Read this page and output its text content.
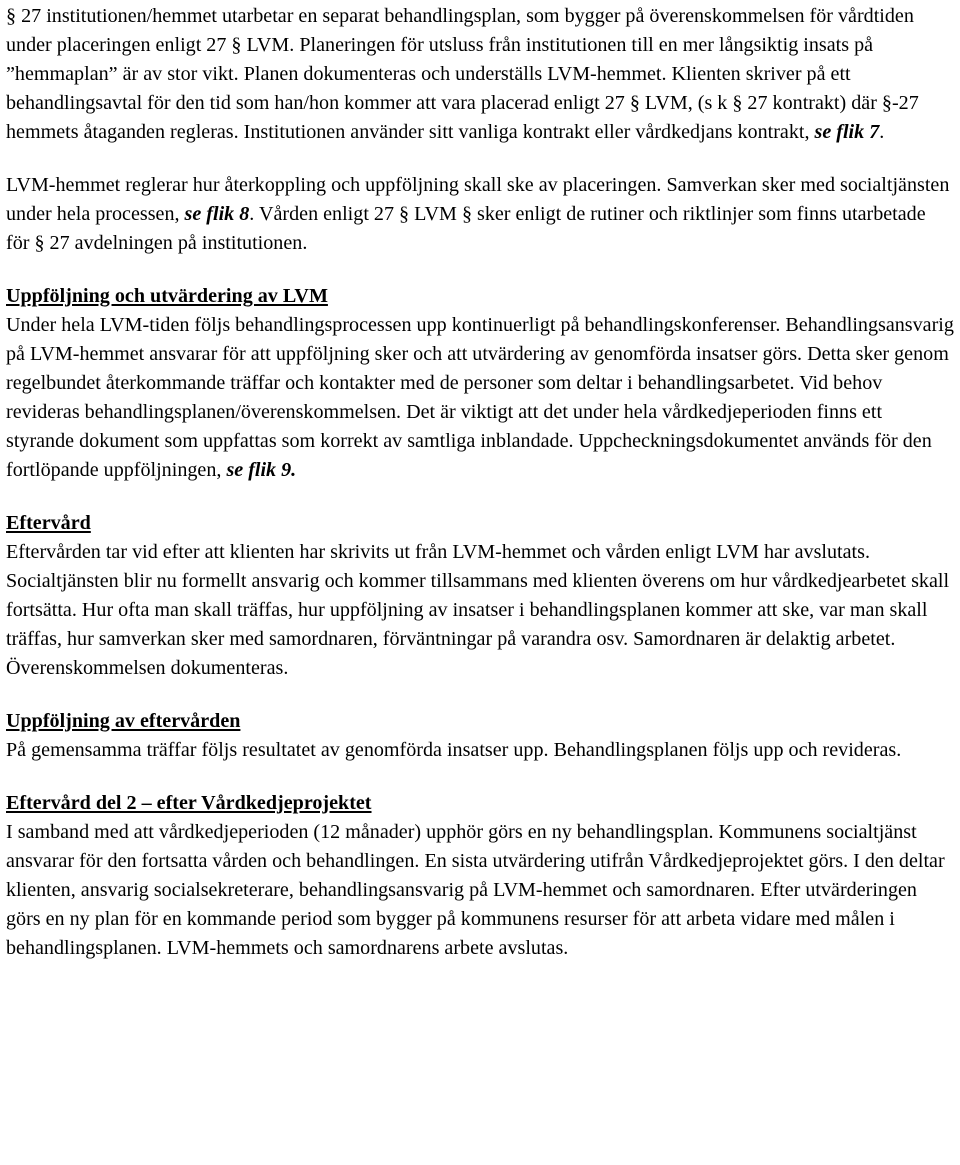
§ 27 institutionen/hemmet utarbetar en separat behandlingsplan, som bygger på överenskommelsen för vårdtiden under placeringen enligt 27 § LVM. Planeringen för utsluss från institutionen till en mer långsiktig insats på ”hemmaplan” är av stor vikt. Planen dokumenteras och underställs LVM-hemmet. Klienten skriver på ett behandlingsavtal för den tid som han/hon kommer att vara placerad enligt 27 § LVM, (s k § 27 kontrakt) där §-27 hemmets åtaganden regleras. Institutionen använder sitt vanliga kontrakt eller vårdkedjans kontrakt, se flik 7.

LVM-hemmet reglerar hur återkoppling och uppföljning skall ske av placeringen. Samverkan sker med socialtjänsten under hela processen, se flik 8. Vården enligt 27 § LVM § sker enligt de rutiner och riktlinjer som finns utarbetade för § 27 avdelningen på institutionen.

Uppföljning och utvärdering av LVM
Under hela LVM-tiden följs behandlingsprocessen upp kontinuerligt på behandlingskonferenser. Behandlingsansvarig på LVM-hemmet ansvarar för att uppföljning sker och att utvärdering av genomförda insatser görs. Detta sker genom regelbundet återkommande träffar och kontakter med de personer som deltar i behandlingsarbetet. Vid behov revideras behandlingsplanen/överenskommelsen. Det är viktigt att det under hela vårdkedjeperioden finns ett styrande dokument som uppfattas som korrekt av samtliga inblandade. Uppcheckningsdokumentet används för den fortlöpande uppföljningen, se flik 9.
Eftervård
Eftervården tar vid efter att klienten har skrivits ut från LVM-hemmet och vården enligt LVM har avslutats. Socialtjänsten blir nu formellt ansvarig och kommer tillsammans med klienten överens om hur vårdkedjearbetet skall fortsätta. Hur ofta man skall träffas, hur uppföljning av insatser i behandlingsplanen kommer att ske, var man skall träffas, hur samverkan sker med samordnaren, förväntningar på varandra osv. Samordnaren är delaktig arbetet. Överenskommelsen dokumenteras.
Uppföljning av eftervården
På gemensamma träffar följs resultatet av genomförda insatser upp. Behandlingsplanen följs upp och revideras.
Eftervård del 2 – efter Vårdkedjeprojektet
I samband med att vårdkedjeperioden (12 månader) upphör görs en ny behandlingsplan. Kommunens socialtjänst ansvarar för den fortsatta vården och behandlingen. En sista utvärdering utifrån Vårdkedjeprojektet görs. I den deltar klienten, ansvarig socialsekreterare, behandlingsansvarig på LVM-hemmet och samordnaren. Efter utvärderingen görs en ny plan för en kommande period som bygger på kommunens resurser för att arbeta vidare med målen i behandlingsplanen. LVM-hemmets och samordnarens arbete avslutas.
